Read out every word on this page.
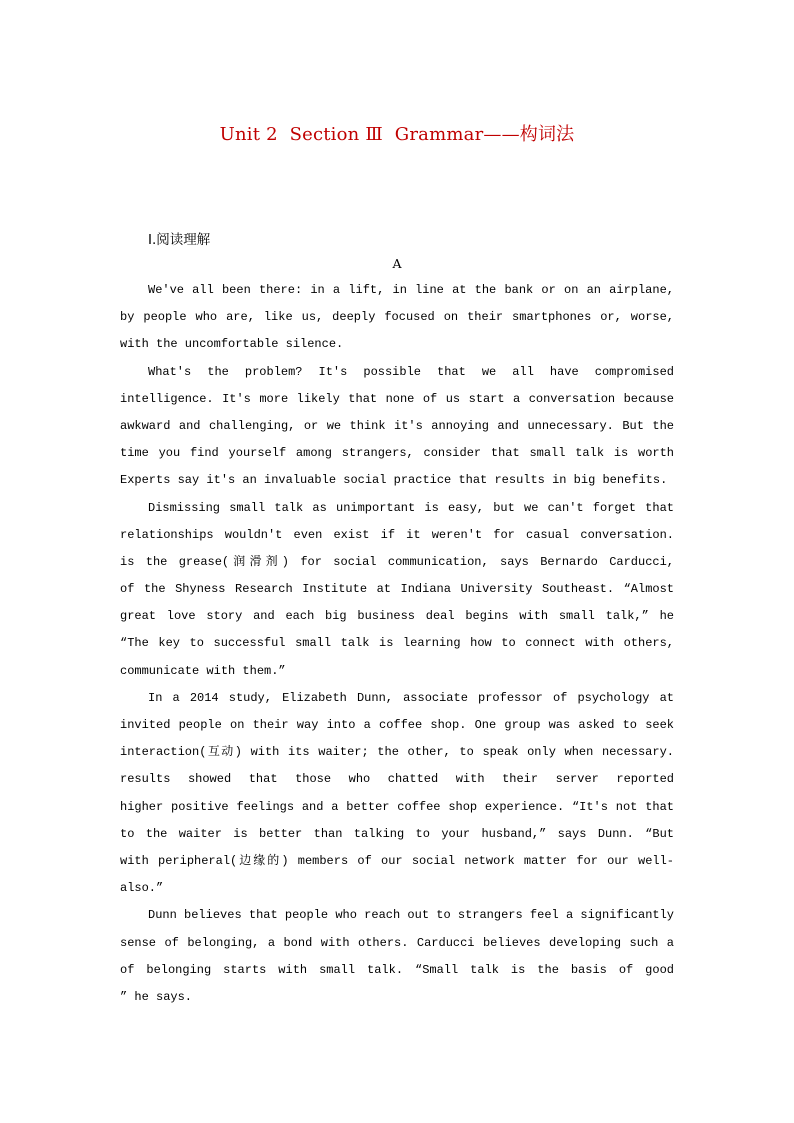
Unit 2  Section Ⅲ  Grammar——构词法
Ⅰ.阅读理解
A
We've all been there: in a lift, in line at the bank or on an airplane,
by people who are, like us, deeply focused on their smartphones or, worse,
with the uncomfortable silence.
What's the problem? It's possible that we all have compromised
intelligence. It's more likely that none of us start a conversation because
awkward and challenging, or we think it's annoying and unnecessary. But the
time you find yourself among strangers, consider that small talk is worth
Experts say it's an invaluable social practice that results in big benefits.
Dismissing small talk as unimportant is easy, but we can't forget that
relationships wouldn't even exist if it weren't for casual conversation.
is the grease(润滑剂) for social communication, says Bernardo Carducci,
of the Shyness Research Institute at Indiana University Southeast. “Almost
great love story and each big business deal begins with small talk,” he
“The key to successful small talk is learning how to connect with others,
communicate with them.”
In a 2014 study, Elizabeth Dunn, associate professor of psychology at
invited people on their way into a coffee shop. One group was asked to seek
interaction(互动) with its waiter; the other, to speak only when necessary.
results showed that those who chatted with their server reported
higher positive feelings and a better coffee shop experience. “It's not that
to the waiter is better than talking to your husband,” says Dunn. “But
with peripheral(边缘的) members of our social network matter for our well-
also.”
Dunn believes that people who reach out to strangers feel a significantly
sense of belonging, a bond with others. Carducci believes developing such a
of belonging starts with small talk. “Small talk is the basis of good
” he says.
